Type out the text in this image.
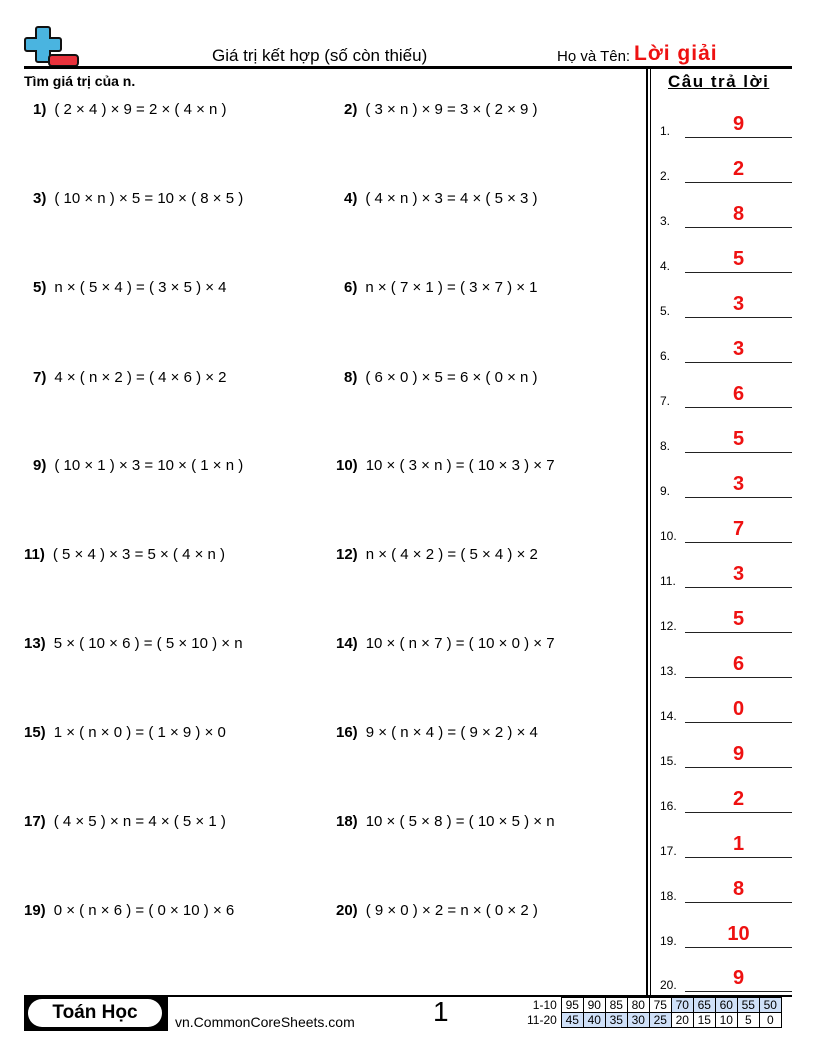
Giá trị kết hợp (số còn thiếu)	Họ và Tên: Lời giải
Tìm giá trị của n.
1) ( 2 × 4 ) × 9 = 2 × ( 4 × n )	2) ( 3 × n ) × 9 = 3 × ( 2 × 9 )
3) ( 10 × n ) × 5 = 10 × ( 8 × 5 )	4) ( 4 × n ) × 3 = 4 × ( 5 × 3 )
5) n × ( 5 × 4 ) = ( 3 × 5 ) × 4	6) n × ( 7 × 1 ) = ( 3 × 7 ) × 1
7) 4 × ( n × 2 ) = ( 4 × 6 ) × 2	8) ( 6 × 0 ) × 5 = 6 × ( 0 × n )
9) ( 10 × 1 ) × 3 = 10 × ( 1 × n )	10) 10 × ( 3 × n ) = ( 10 × 3 ) × 7
11) ( 5 × 4 ) × 3 = 5 × ( 4 × n )	12) n × ( 4 × 2 ) = ( 5 × 4 ) × 2
13) 5 × ( 10 × 6 ) = ( 5 × 10 ) × n	14) 10 × ( n × 7 ) = ( 10 × 0 ) × 7
15) 1 × ( n × 0 ) = ( 1 × 9 ) × 0	16) 9 × ( n × 4 ) = ( 9 × 2 ) × 4
17) ( 4 × 5 ) × n = 4 × ( 5 × 1 )	18) 10 × ( 5 × 8 ) = ( 10 × 5 ) × n
19) 0 × ( n × 6 ) = ( 0 × 10 ) × 6	20) ( 9 × 0 ) × 2 = n × ( 0 × 2 )
Câu trả lời
1.	9
2.	2
3.	8
4.	5
5.	3
6.	3
7.	6
8.	5
9.	3
10.	7
11.	3
12.	5
13.	6
14.	0
15.	9
16.	2
17.	1
18.	8
19.	10
20.	9
Toán Học	vn.CommonCoreSheets.com	1	1-10	95	90	85	80	75	70	65	60	55	50
11-20	45	40	35	30	25	20	15	10	5	0
